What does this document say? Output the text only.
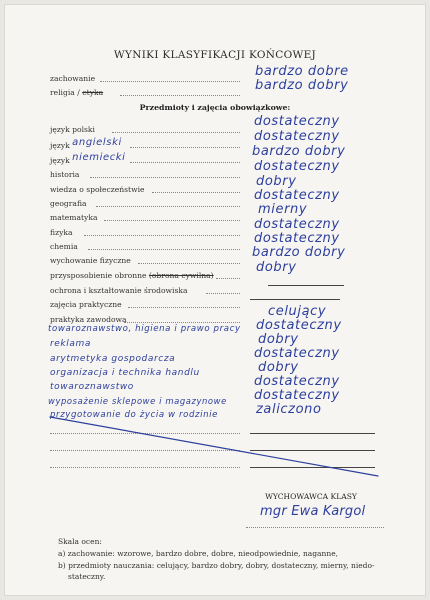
WYNIKI KLASYFIKACJI KOŃCOWEJ
zachowanie	bardzo dobre
religia / etyka	bardzo dobry
Przedmioty i zajęcia obowiązkowe:
język polski
język angielski
język niemiecki
historia
wiedza o społeczeństwie
geografia
matematyka
fizyka
chemia
wychowanie fizyczne
przysposobienie obronne (obrona cywilna)
ochrona i kształtowanie środowiska
zajęcia praktyczne
praktyka zawodowa
towaroznawstwo, higiena i prawo pracy
reklama
arytmetyka gospodarcza
organizacja i technika handlu
towaroznawstwo
wyposażenie sklepowe i magazynowe
przygotowanie do życia w rodzinie
dostateczny
dostateczny
bardzo dobry
dostateczny
dobry
dostateczny
mierny
dostateczny
dostateczny
bardzo dobry
dobry
celujący
dostateczny
dobry
dostateczny
dobry
dostateczny
dostateczny
zaliczono
WYCHOWAWCA KLASY
mgr Ewa Kargol
Skala ocen:
a) zachowanie: wzorowe, bardzo dobre, dobre, nieodpowiednie, naganne,
b) przedmioty nauczania: celujący, bardzo dobry, dobry, dostateczny, mierny, niedo-
stateczny.
